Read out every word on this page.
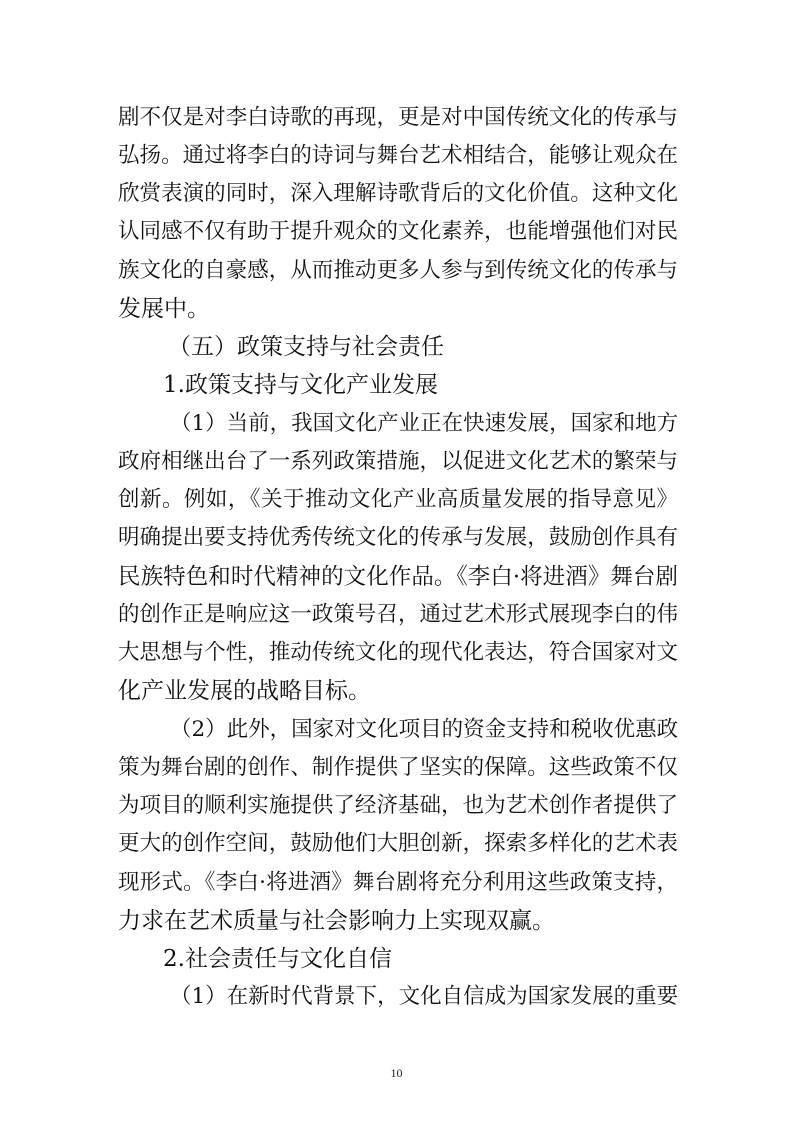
剧不仅是对李白诗歌的再现，更是对中国传统文化的传承与
弘扬。通过将李白的诗词与舞台艺术相结合，能够让观众在
欣赏表演的同时，深入理解诗歌背后的文化价值。这种文化
认同感不仅有助于提升观众的文化素养，也能增强他们对民
族文化的自豪感，从而推动更多人参与到传统文化的传承与
发展中。
（五）政策支持与社会责任
1.政策支持与文化产业发展
（1）当前，我国文化产业正在快速发展，国家和地方
政府相继出台了一系列政策措施，以促进文化艺术的繁荣与
创新。例如，《关于推动文化产业高质量发展的指导意见》
明确提出要支持优秀传统文化的传承与发展，鼓励创作具有
民族特色和时代精神的文化作品。《李白·将进酒》舞台剧
的创作正是响应这一政策号召，通过艺术形式展现李白的伟
大思想与个性，推动传统文化的现代化表达，符合国家对文
化产业发展的战略目标。
（2）此外，国家对文化项目的资金支持和税收优惠政
策为舞台剧的创作、制作提供了坚实的保障。这些政策不仅
为项目的顺利实施提供了经济基础，也为艺术创作者提供了
更大的创作空间，鼓励他们大胆创新，探索多样化的艺术表
现形式。《李白·将进酒》舞台剧将充分利用这些政策支持，
力求在艺术质量与社会影响力上实现双赢。
2.社会责任与文化自信
（1）在新时代背景下，文化自信成为国家发展的重要
10
